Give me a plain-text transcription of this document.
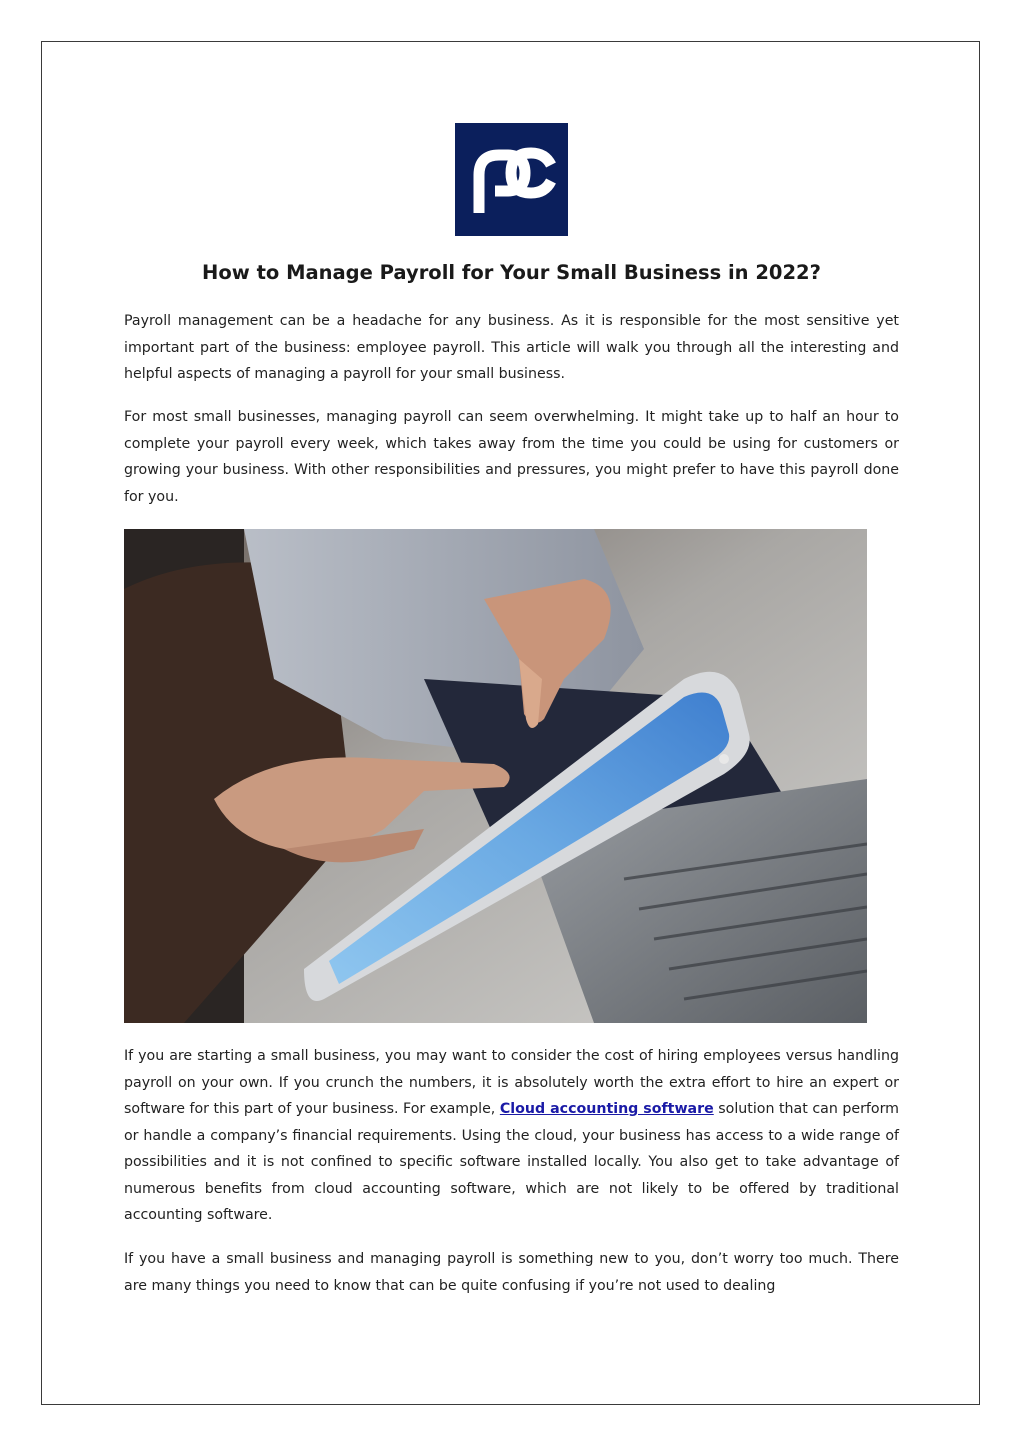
How to Manage Payroll for Your Small Business in 2022?

Payroll management can be a headache for any business. As it is responsible for the most sensitive yet important part of the business: employee payroll. This article will walk you through all the interesting and helpful aspects of managing a payroll for your small business.

For most small businesses, managing payroll can seem overwhelming. It might take up to half an hour to complete your payroll every week, which takes away from the time you could be using for customers or growing your business. With other responsibilities and pressures, you might prefer to have this payroll done for you.

If you are starting a small business, you may want to consider the cost of hiring employees versus handling payroll on your own. If you crunch the numbers, it is absolutely worth the extra effort to hire an expert or software for this part of your business. For example, Cloud accounting software solution that can perform or handle a company’s financial requirements. Using the cloud, your business has access to a wide range of possibilities and it is not confined to specific software installed locally. You also get to take advantage of numerous benefits from cloud accounting software, which are not likely to be offered by traditional accounting software.

If you have a small business and managing payroll is something new to you, don’t worry too much. There are many things you need to know that can be quite confusing if you’re not used to dealing
